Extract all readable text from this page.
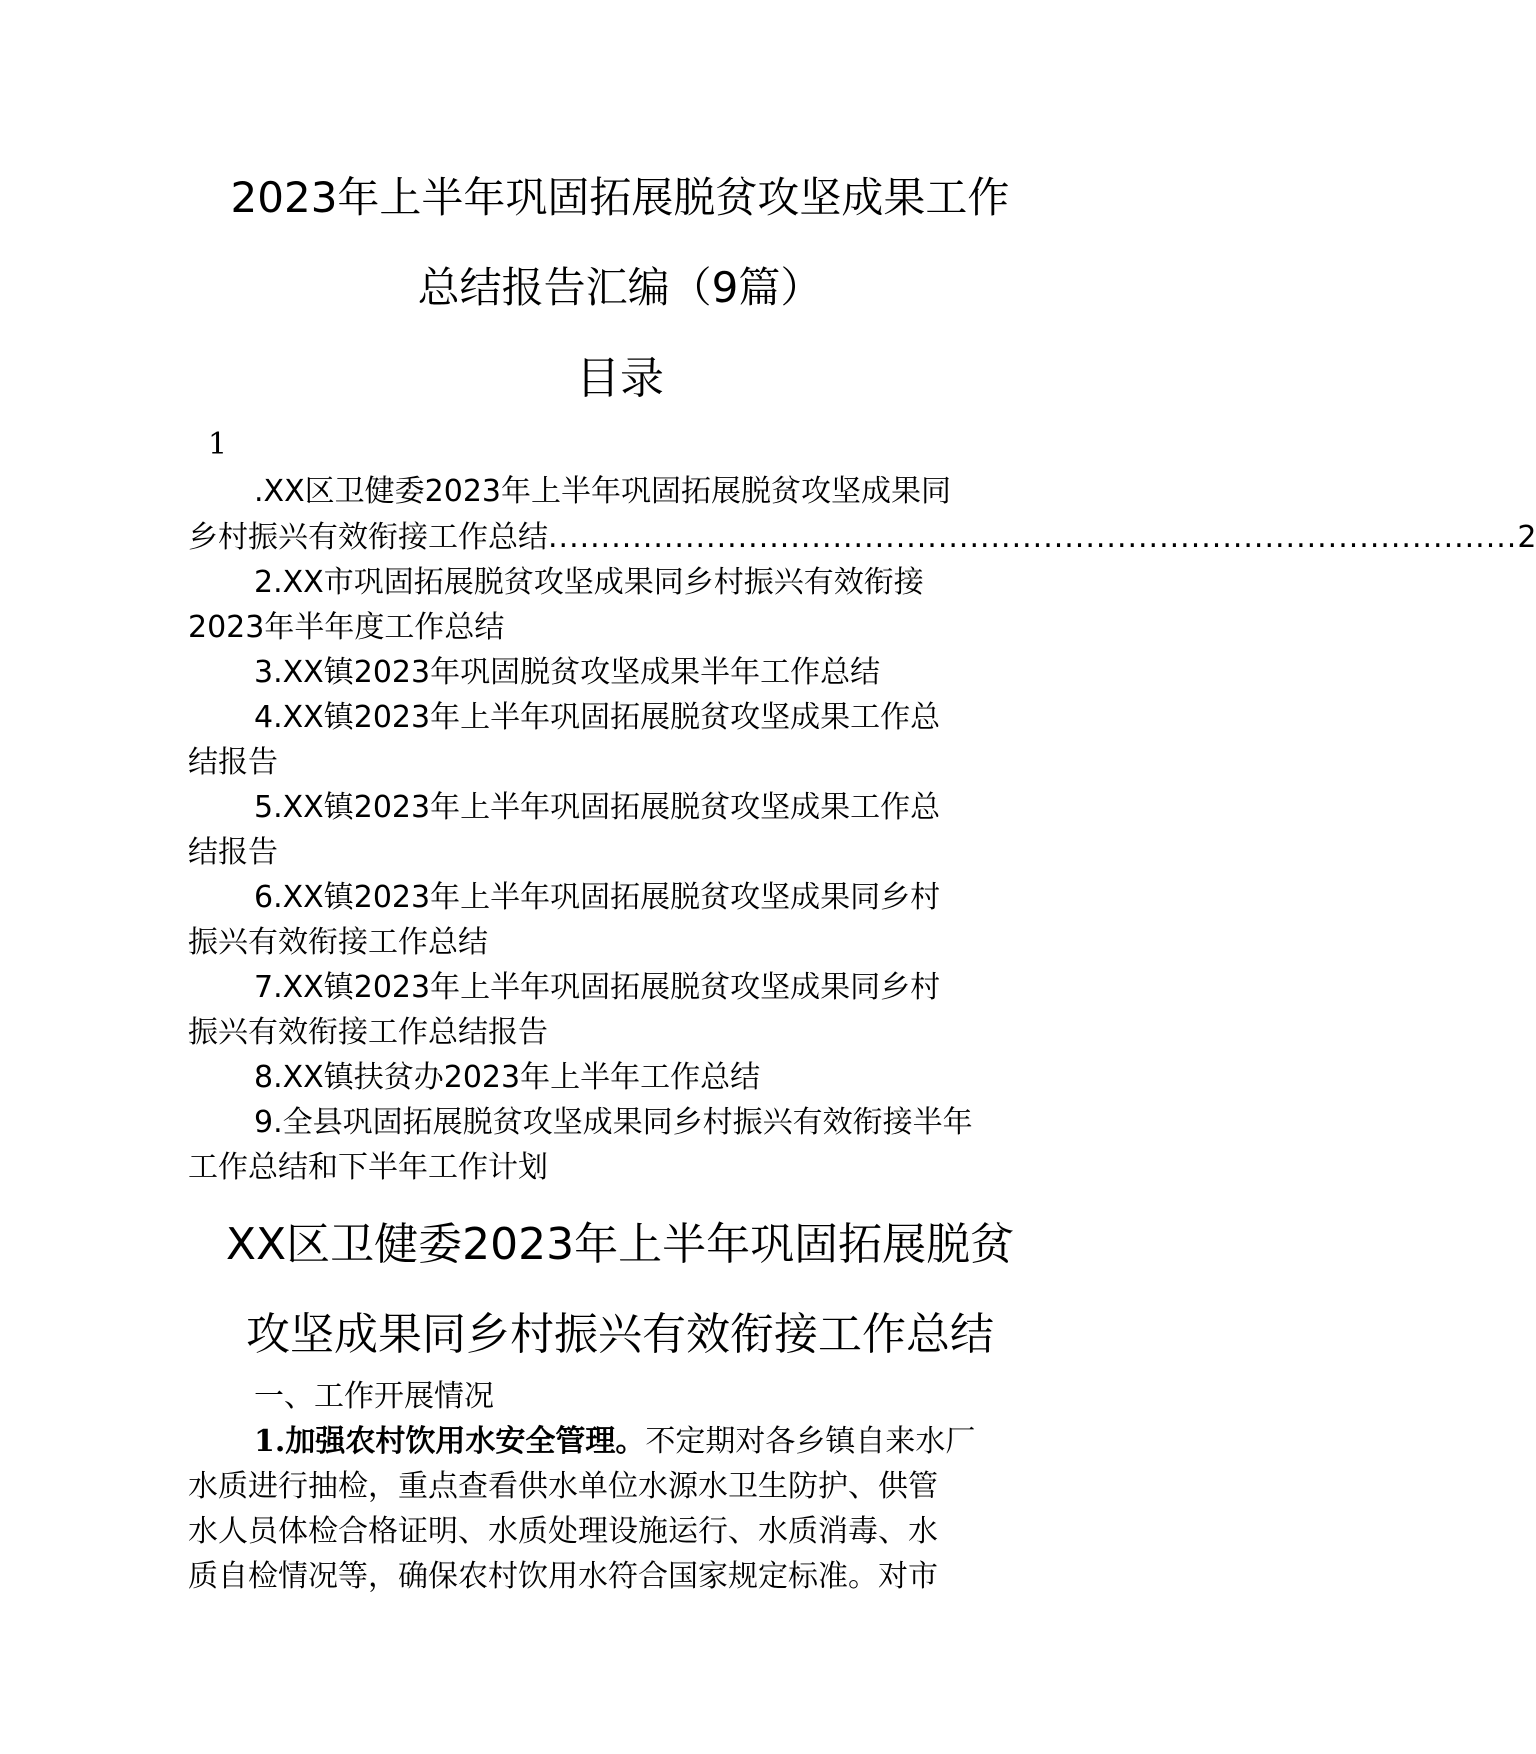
2023年上半年巩固拓展脱贫攻坚成果工作
总结报告汇编（9篇）
目录
1
.XX区卫健委2023年上半年巩固拓展脱贫攻坚成果同
乡村振兴有效衔接工作总结 ............................................................................................ 2
2.XX市巩固拓展脱贫攻坚成果同乡村振兴有效衔接
2023年半年度工作总结
3.XX镇2023年巩固脱贫攻坚成果半年工作总结
4.XX镇2023年上半年巩固拓展脱贫攻坚成果工作总
结报告
5.XX镇2023年上半年巩固拓展脱贫攻坚成果工作总
结报告
6.XX镇2023年上半年巩固拓展脱贫攻坚成果同乡村
振兴有效衔接工作总结
7.XX镇2023年上半年巩固拓展脱贫攻坚成果同乡村
振兴有效衔接工作总结报告
8.XX镇扶贫办2023年上半年工作总结
9.全县巩固拓展脱贫攻坚成果同乡村振兴有效衔接半年
工作总结和下半年工作计划
XX区卫健委2023年上半年巩固拓展脱贫
攻坚成果同乡村振兴有效衔接工作总结
一、工作开展情况
1.加强农村饮用水安全管理。不定期对各乡镇自来水厂
水质进行抽检，重点查看供水单位水源水卫生防护、供管
水人员体检合格证明、水质处理设施运行、水质消毒、水
质自检情况等，确保农村饮用水符合国家规定标准。对市
